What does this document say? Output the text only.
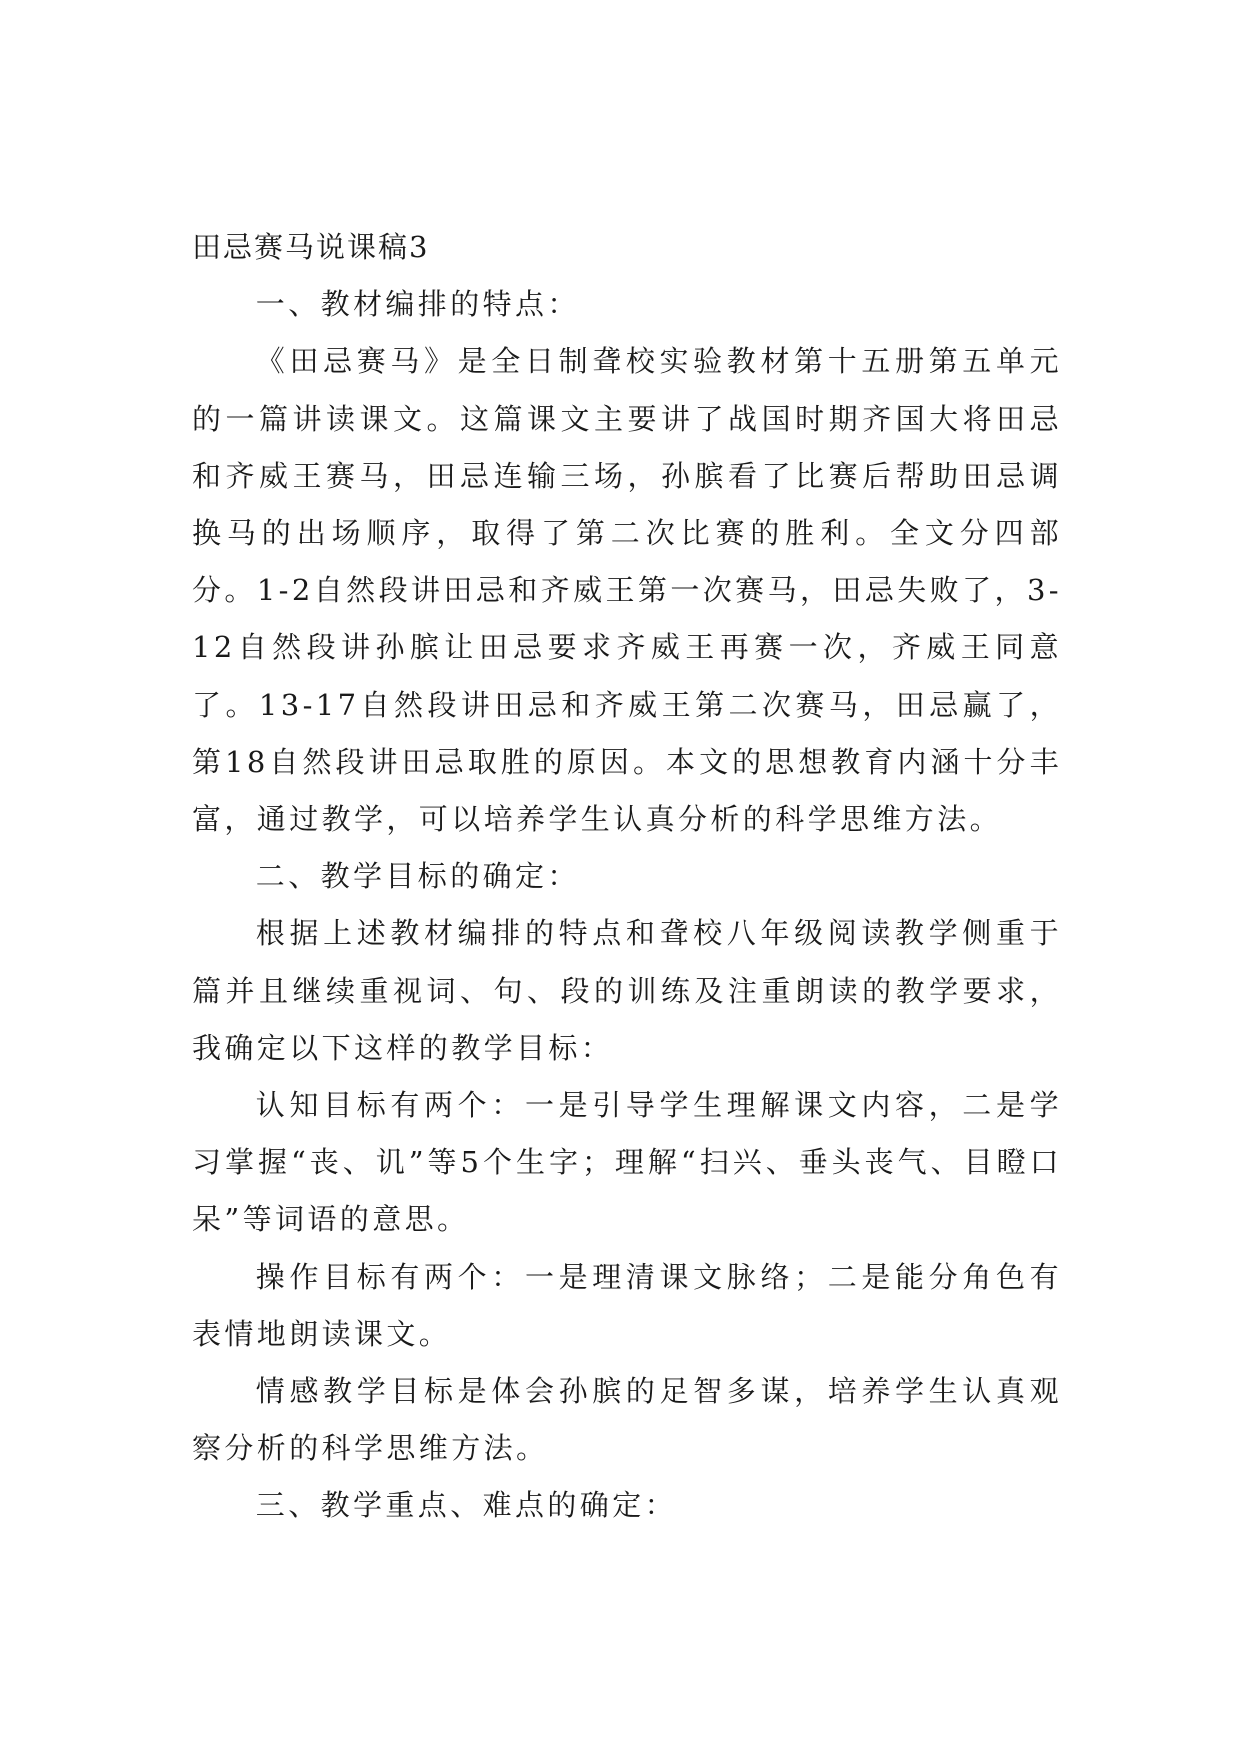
田忌赛马说课稿3

一、教材编排的特点：

《田忌赛马》是全日制聋校实验教材第十五册第五单元的一篇讲读课文。这篇课文主要讲了战国时期齐国大将田忌和齐威王赛马，田忌连输三场，孙膑看了比赛后帮助田忌调换马的出场顺序，取得了第二次比赛的胜利。全文分四部分。1-2自然段讲田忌和齐威王第一次赛马，田忌失败了，3-12自然段讲孙膑让田忌要求齐威王再赛一次，齐威王同意了。13-17自然段讲田忌和齐威王第二次赛马，田忌赢了，第18自然段讲田忌取胜的原因。本文的思想教育内涵十分丰富，通过教学，可以培养学生认真分析的科学思维方法。

二、教学目标的确定：

根据上述教材编排的特点和聋校八年级阅读教学侧重于篇并且继续重视词、句、段的训练及注重朗读的教学要求，我确定以下这样的教学目标：

认知目标有两个：一是引导学生理解课文内容，二是学习掌握“丧、讥”等5个生字；理解“扫兴、垂头丧气、目瞪口呆”等词语的意思。

操作目标有两个：一是理清课文脉络；二是能分角色有表情地朗读课文。

情感教学目标是体会孙膑的足智多谋，培养学生认真观察分析的科学思维方法。

三、教学重点、难点的确定：
